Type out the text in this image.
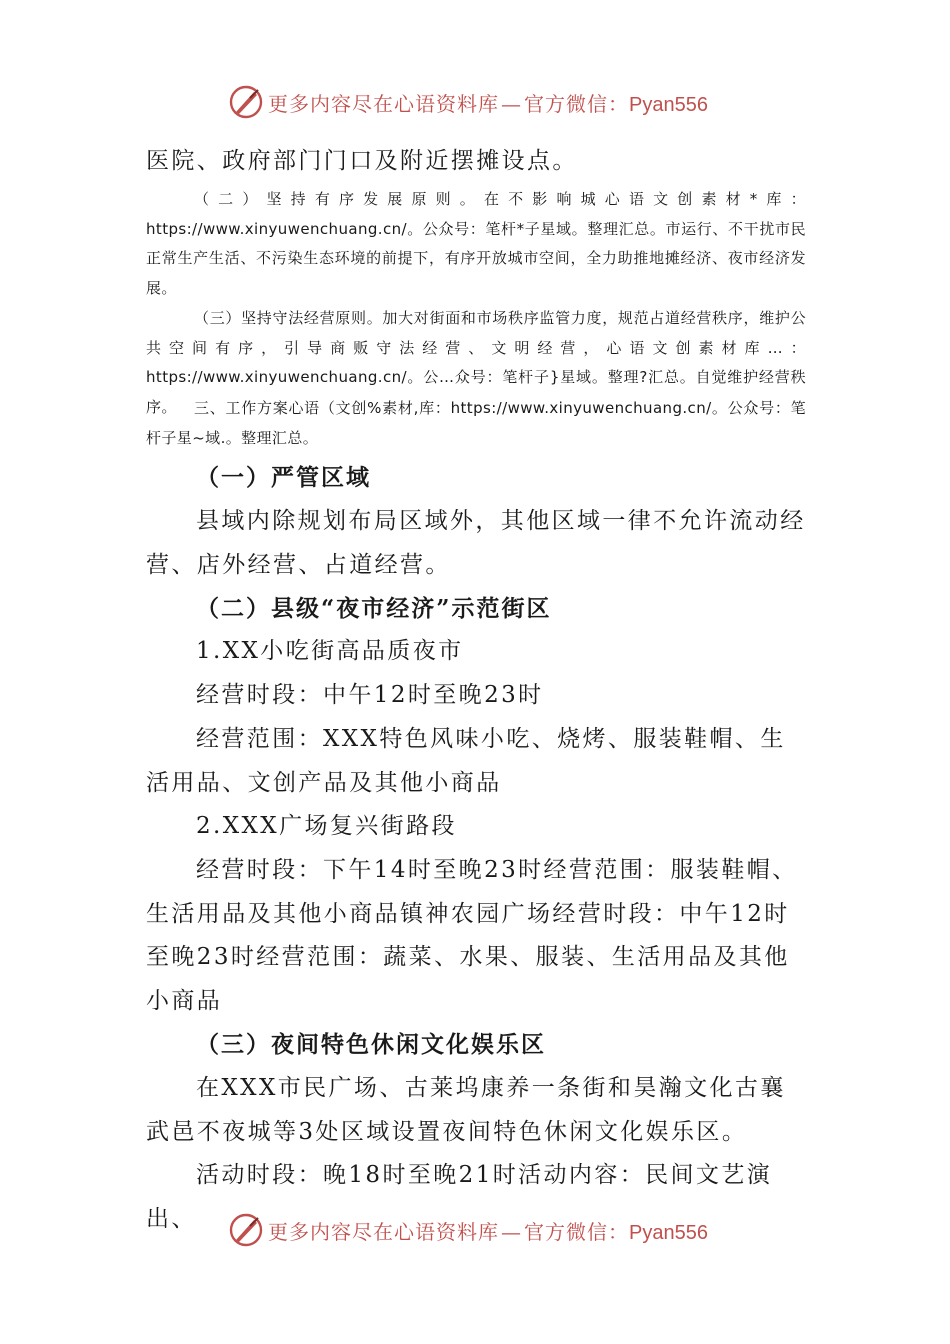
更多内容尽在心语资料库 — 官方微信：Pyan556

医院、政府部门门口及附近摆摊设点。

（二）坚持有序发展原则。在不影响城心语文创素材*库：https://www.xinyuwenchuang.cn/。公众号：笔杆*子星域。整理汇总。市运行、不干扰市民正常生产生活、不污染生态环境的前提下，有序开放城市空间，全力助推地摊经济、夜市经济发展。

（三）坚持守法经营原则。加大对街面和市场秩序监管力度，规范占道经营秩序，维护公共空间有序，引导商贩守法经营、文明经营，心语文创素材库…：https://www.xinyuwenchuang.cn/。公…众号：笔杆子}星域。整理?汇总。自觉维护经营秩序。	三、工作方案心语（文创%素材,库：https://www.xinyuwenchuang.cn/。公众号：笔杆子星~域.。整理汇总。

（一）严管区域

县域内除规划布局区域外，其他区域一律不允许流动经营、店外经营、占道经营。

（二）县级“夜市经济”示范街区

1.XX小吃街高品质夜市

经营时段：中午12时至晚23时

经营范围：XXX特色风味小吃、烧烤、服装鞋帽、生活用品、文创产品及其他小商品

2.XXX广场复兴街路段

经营时段：下午14时至晚23时经营范围：服装鞋帽、生活用品及其他小商品镇神农园广场经营时段：中午12时至晚23时经营范围：蔬菜、水果、服装、生活用品及其他小商品

（三）夜间特色休闲文化娱乐区

在XXX市民广场、古莱坞康养一条街和昊瀚文化古襄武邑不夜城等3处区域设置夜间特色休闲文化娱乐区。

活动时段：晚18时至晚21时活动内容：民间文艺演出、	更多内容尽在心语资料库 — 官方微信：Pyan556
